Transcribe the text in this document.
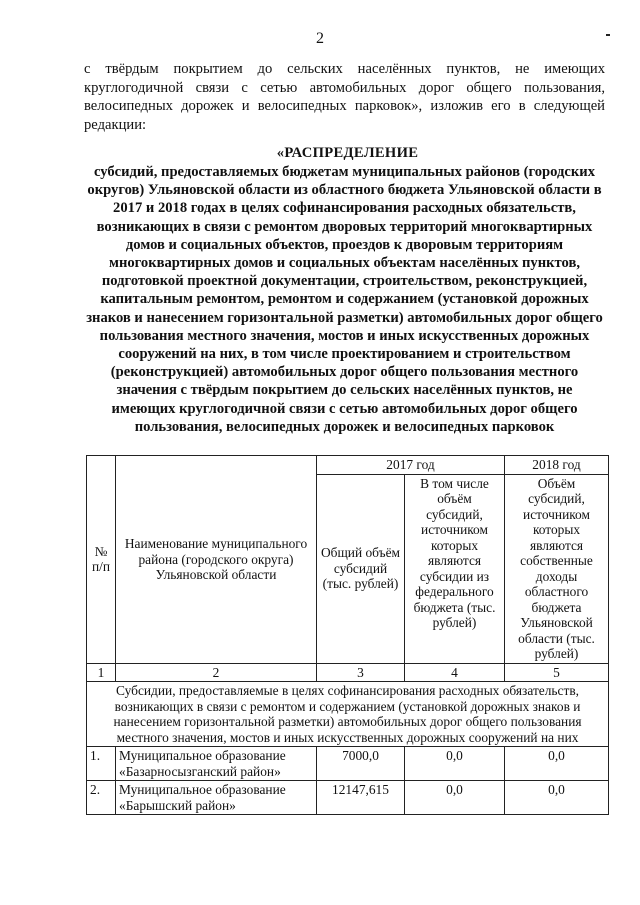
2

с твёрдым покрытием до сельских населённых пунктов, не имеющих круглогодичной связи с сетью автомобильных дорог общего пользования, велосипедных дорожек и велосипедных парковок», изложив его в следующей редакции:

«РАСПРЕДЕЛЕНИЕ
субсидий, предоставляемых бюджетам муниципальных районов (городских округов) Ульяновской области из областного бюджета Ульяновской области в 2017 и 2018 годах в целях софинансирования расходных обязательств, возникающих в связи с ремонтом дворовых территорий многоквартирных домов и социальных объектов, проездов к дворовым территориям многоквартирных домов и социальных объектам населённых пунктов, подготовкой проектной документации, строительством, реконструкцией, капитальным ремонтом, ремонтом и содержанием (установкой дорожных знаков и нанесением горизонтальной разметки) автомобильных дорог общего пользования местного значения, мостов и иных искусственных дорожных сооружений на них, в том числе проектированием и строительством (реконструкцией) автомобильных дорог общего пользования местного значения с твёрдым покрытием до сельских населённых пунктов, не имеющих круглогодичной связи с сетью автомобильных дорог общего пользования, велосипедных дорожек и велосипедных парковок
№ п/п	Наименование муниципального района (городского округа) Ульяновской области	2017 год		2018 год
		Общий объём субсидий (тыс. рублей)	В том числе объём субсидий, источником которых являются субсидии из федерального бюджета (тыс. рублей)	Объём субсидий, источником которых являются собственные доходы областного бюджета Ульяновской области (тыс. рублей)
1	2	3	4	5
Субсидии, предоставляемые в целях софинансирования расходных обязательств, возникающих в связи с ремонтом и содержанием (установкой дорожных знаков и нанесением горизонтальной разметки) автомобильных дорог общего пользования местного значения, мостов и иных искусственных дорожных сооружений на них				
1.	Муниципальное образование «Базарносызганский район»	7000,0	0,0	0,0
2.	Муниципальное образование «Барышский район»	12147,615	0,0	0,0
